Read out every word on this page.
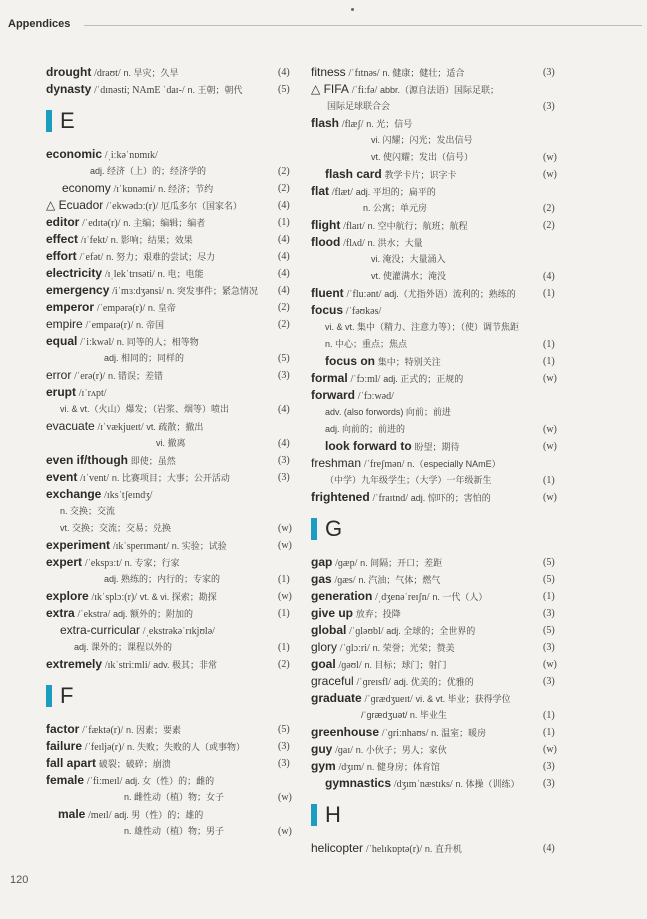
Appendices
drought /draʊt/ n. 旱灾；久旱	(4)
dynasty /ˈdɪnəsti; NAmE ˈdaɪ-/ n. 王朝；朝代	(5)
E
economic /ˌiːkəˈnɒmɪk/
adj. 经济（上）的；经济学的	(2)
economy /ɪˈkɒnəmi/ n. 经济；节约	(2)
△ Ecuador /ˈekwədɔː(r)/ 厄瓜多尔（国家名）	(4)
editor /ˈedɪtə(r)/ n. 主编；编辑；编者	(1)
effect /ɪˈfekt/ n. 影响；结果；效果	(4)
effort /ˈefət/ n. 努力；艰难的尝试；尽力	(4)
electricity /ɪˌlekˈtrɪsəti/ n. 电；电能	(4)
emergency /iˈmɜːdʒənsi/ n. 突发事件；紧急情况 (4)
emperor /ˈempərə(r)/ n. 皇帝	(2)
empire /ˈempaɪə(r)/ n. 帝国	(2)
equal /ˈiːkwəl/ n. 同等的人；相等物
adj. 相同的；同样的	(5)
error /ˈerə(r)/ n. 错误；差错	(3)
erupt /ɪˈrʌpt/
vi. & vt.（火山）爆发；（岩浆、烟等）喷出	(4)
evacuate /ɪˈvækjueɪt/ vt. 疏散；撤出
vi. 撤离	(4)
even if/though 即使；虽然	(3)
event /ɪˈvent/ n. 比赛项目；大事；公开活动	(3)
exchange /ɪksˈtʃeɪndʒ/
n. 交换；交流
vt. 交换；交流；交易；兑换	(w)
experiment /ɪkˈsperɪmənt/ n. 实验；试验	(w)
expert /ˈekspɜːt/ n. 专家；行家
adj. 熟练的；内行的；专家的	(1)
explore /ɪkˈsplɔː(r)/ vt. & vi. 探索；勘探	(w)
extra /ˈekstrə/ adj. 额外的；附加的	(1)
extra-curricular /ˌekstrəkəˈrɪkjʊlə/
adj. 课外的；课程以外的	(1)
extremely /ɪkˈstriːmli/ adv. 极其；非常	(2)
F
factor /ˈfæktə(r)/ n. 因素；要素	(5)
failure /ˈfeɪljə(r)/ n. 失败；失败的人（或事物）	(3)
fall apart 破裂；破碎；崩溃	(3)
female /ˈfiːmeɪl/ adj. 女（性）的；雌的
n. 雌性动（植）物；女子	(w)
male /meɪl/ adj. 男（性）的；雄的
n. 雄性动（植）物；男子	(w)
fitness /ˈfɪtnəs/ n. 健康；健壮；适合	(3)
△ FIFA /ˈfiːfə/ abbr.（源自法语）国际足联；
国际足球联合会	(3)
flash /flæʃ/ n. 光；信号
vi. 闪耀；闪光；发出信号
vt. 使闪耀；发出（信号）	(w)
flash card 教学卡片；识字卡	(w)
flat /flæt/ adj. 平坦的；扁平的
n. 公寓；单元房	(2)
flight /flaɪt/ n. 空中航行；航班；航程	(2)
flood /flʌd/ n. 洪水；大量
vi. 淹没；大量涌入
vt. 使灌满水；淹没	(4)
fluent /ˈfluːənt/ adj.（尤指外语）流利的；熟练的	(1)
focus /ˈfəʊkəs/
vi. & vt. 集中（精力、注意力等）；（使）调节焦距
n. 中心；重点；焦点	(1)
focus on 集中；特别关注	(1)
formal /ˈfɔːml/ adj. 正式的；正规的	(w)
forward /ˈfɔːwəd/
adv. (also forwords) 向前；前进
adj. 向前的；前进的	(w)
look forward to 盼望；期待	(w)
freshman /ˈfreʃmən/ n.（especially NAmE）
（中学）九年级学生；（大学）一年级新生	(1)
frightened /ˈfraɪtnd/ adj. 惊吓的；害怕的	(w)
G
gap /ɡæp/ n. 间隔；开口；差距	(5)
gas /ɡæs/ n. 汽油；气体；燃气	(5)
generation /ˌdʒenəˈreɪʃn/ n. 一代（人）	(1)
give up 放弃；投降	(3)
global /ˈɡləʊbl/ adj. 全球的；全世界的	(5)
glory /ˈɡlɔːri/ n. 荣誉；光荣；赞美	(3)
goal /ɡəʊl/ n. 目标；球门；射门	(w)
graceful /ˈɡreɪsfl/ adj. 优美的；优雅的	(3)
graduate /ˈɡrædʒueɪt/ vi. & vt. 毕业；获得学位
/ˈɡrædʒuət/ n. 毕业生	(1)
greenhouse /ˈɡriːnhaʊs/ n. 温室；暖房	(1)
guy /ɡaɪ/ n. 小伙子；男人；家伙	(w)
gym /dʒɪm/ n. 健身房；体育馆	(3)
gymnastics /dʒɪmˈnæstɪks/ n. 体操（训练） (3)
H
helicopter /ˈhelɪkɒptə(r)/ n. 直升机	(4)
120
